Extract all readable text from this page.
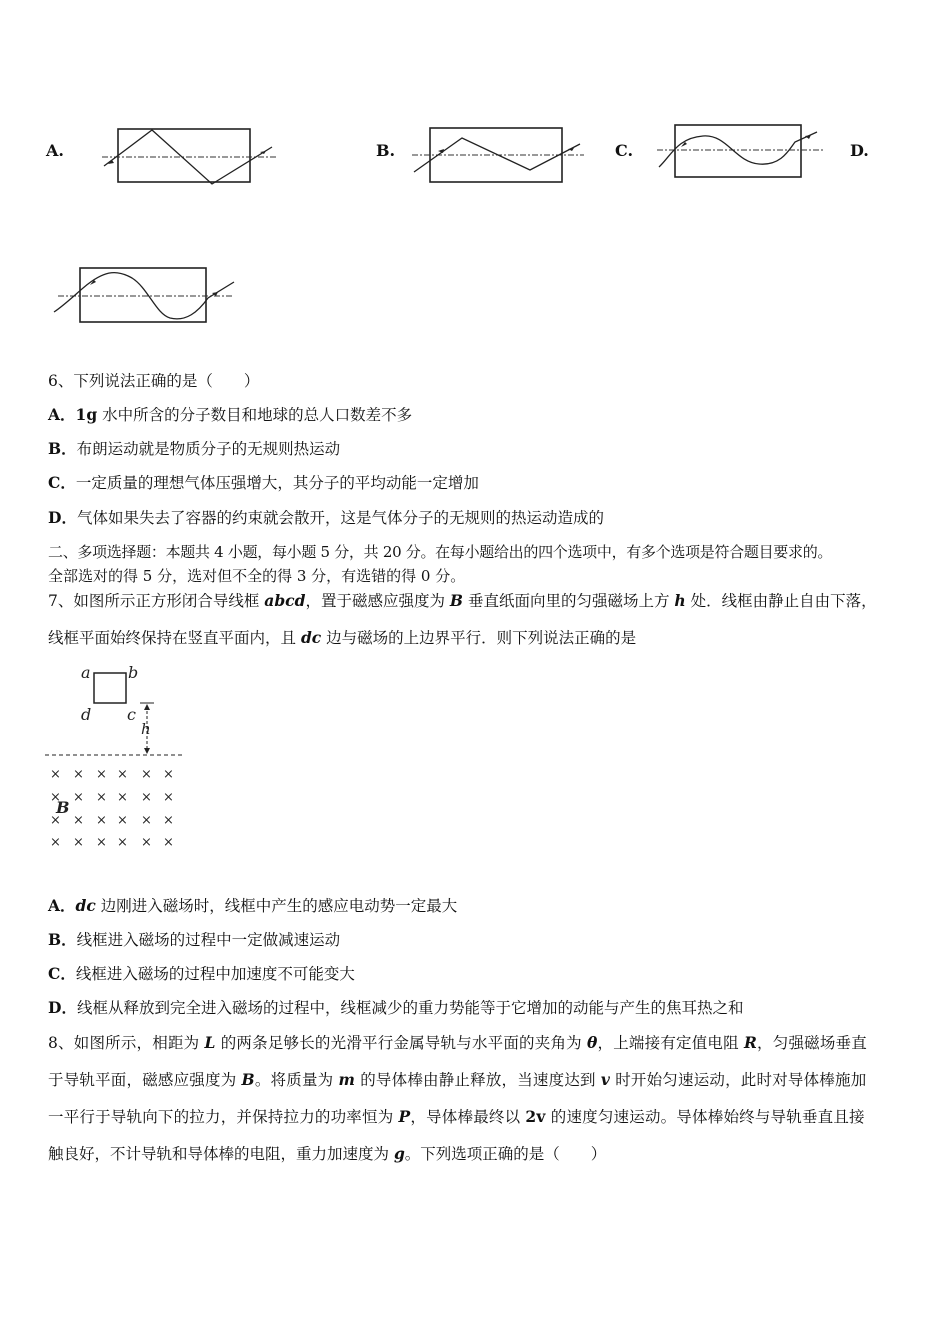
A.	B.	C.	D.
6、下列说法正确的是（　　）
A．1g 水中所含的分子数目和地球的总人口数差不多
B．布朗运动就是物质分子的无规则热运动
C．一定质量的理想气体压强增大，其分子的平均动能一定增加
D．气体如果失去了容器的约束就会散开，这是气体分子的无规则的热运动造成的
二、多项选择题：本题共 4 小题，每小题 5 分，共 20 分。在每小题给出的四个选项中，有多个选项是符合题目要求的。
全部选对的得 5 分，选对但不全的得 3 分，有选错的得 0 分。
7、如图所示正方形闭合导线框 abcd，置于磁感应强度为 B 垂直纸面向里的匀强磁场上方 h 处．线框由静止自由下落，
线框平面始终保持在竖直平面内，且 dc 边与磁场的上边界平行．则下列说法正确的是
a b
d c
h
× × × × × ×
× × × × × ×
× × × × × ×
× × × × × ×
B
A．dc 边刚进入磁场时，线框中产生的感应电动势一定最大
B．线框进入磁场的过程中一定做减速运动
C．线框进入磁场的过程中加速度不可能变大
D．线框从释放到完全进入磁场的过程中，线框减少的重力势能等于它增加的动能与产生的焦耳热之和
8、如图所示，相距为 L 的两条足够长的光滑平行金属导轨与水平面的夹角为 θ，上端接有定值电阻 R，匀强磁场垂直
于导轨平面，磁感应强度为 B。将质量为 m 的导体棒由静止释放，当速度达到 v 时开始匀速运动，此时对导体棒施加
一平行于导轨向下的拉力，并保持拉力的功率恒为 P，导体棒最终以 2v 的速度匀速运动。导体棒始终与导轨垂直且接
触良好，不计导轨和导体棒的电阻，重力加速度为 g。下列选项正确的是（　　）
